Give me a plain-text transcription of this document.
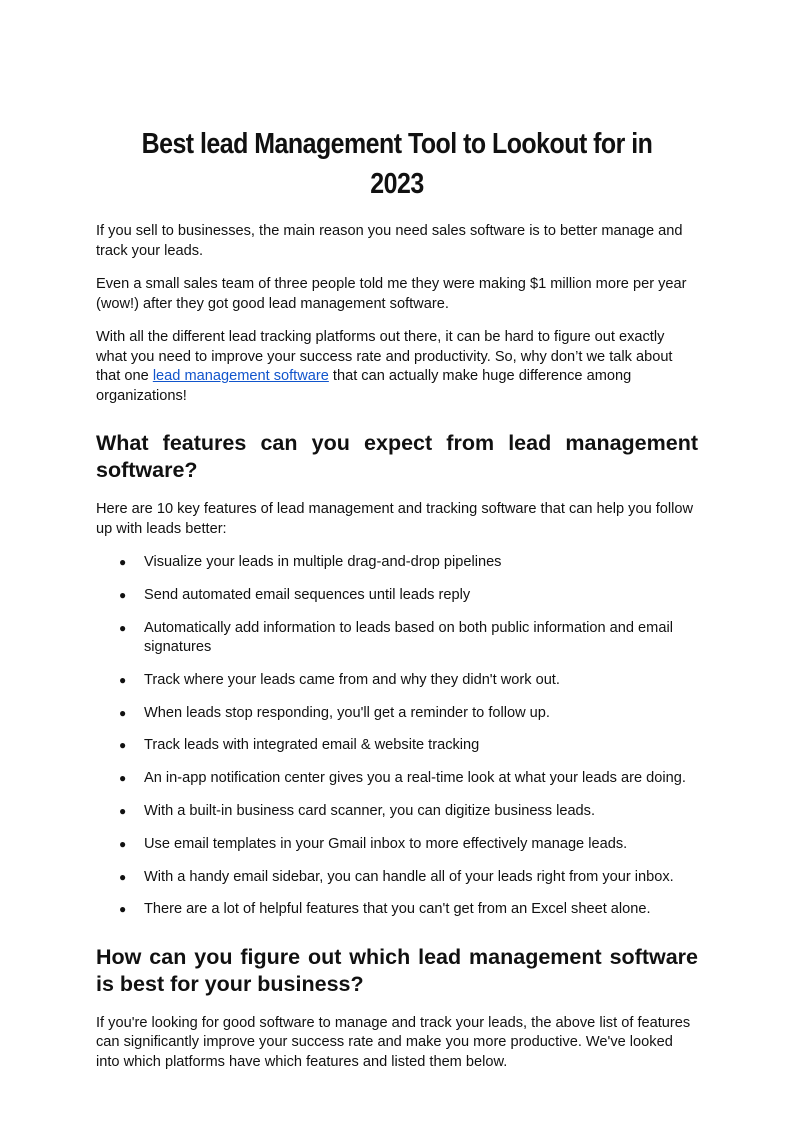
Best lead Management Tool to Lookout for in 2023

If you sell to businesses, the main reason you need sales software is to better manage and track your leads.

Even a small sales team of three people told me they were making $1 million more per year (wow!) after they got good lead management software.

With all the different lead tracking platforms out there, it can be hard to figure out exactly what you need to improve your success rate and productivity. So, why don’t we talk about that one lead management software that can actually make huge difference among organizations!

What features can you expect from lead management software?

Here are 10 key features of lead management and tracking software that can help you follow up with leads better:

● Visualize your leads in multiple drag-and-drop pipelines
● Send automated email sequences until leads reply
● Automatically add information to leads based on both public information and email signatures
● Track where your leads came from and why they didn't work out.
● When leads stop responding, you'll get a reminder to follow up.
● Track leads with integrated email & website tracking
● An in-app notification center gives you a real-time look at what your leads are doing.
● With a built-in business card scanner, you can digitize business leads.
● Use email templates in your Gmail inbox to more effectively manage leads.
● With a handy email sidebar, you can handle all of your leads right from your inbox.
● There are a lot of helpful features that you can't get from an Excel sheet alone.
How can you figure out which lead management software is best for your business?

If you're looking for good software to manage and track your leads, the above list of features can significantly improve your success rate and make you more productive. We've looked into which platforms have which features and listed them below.
